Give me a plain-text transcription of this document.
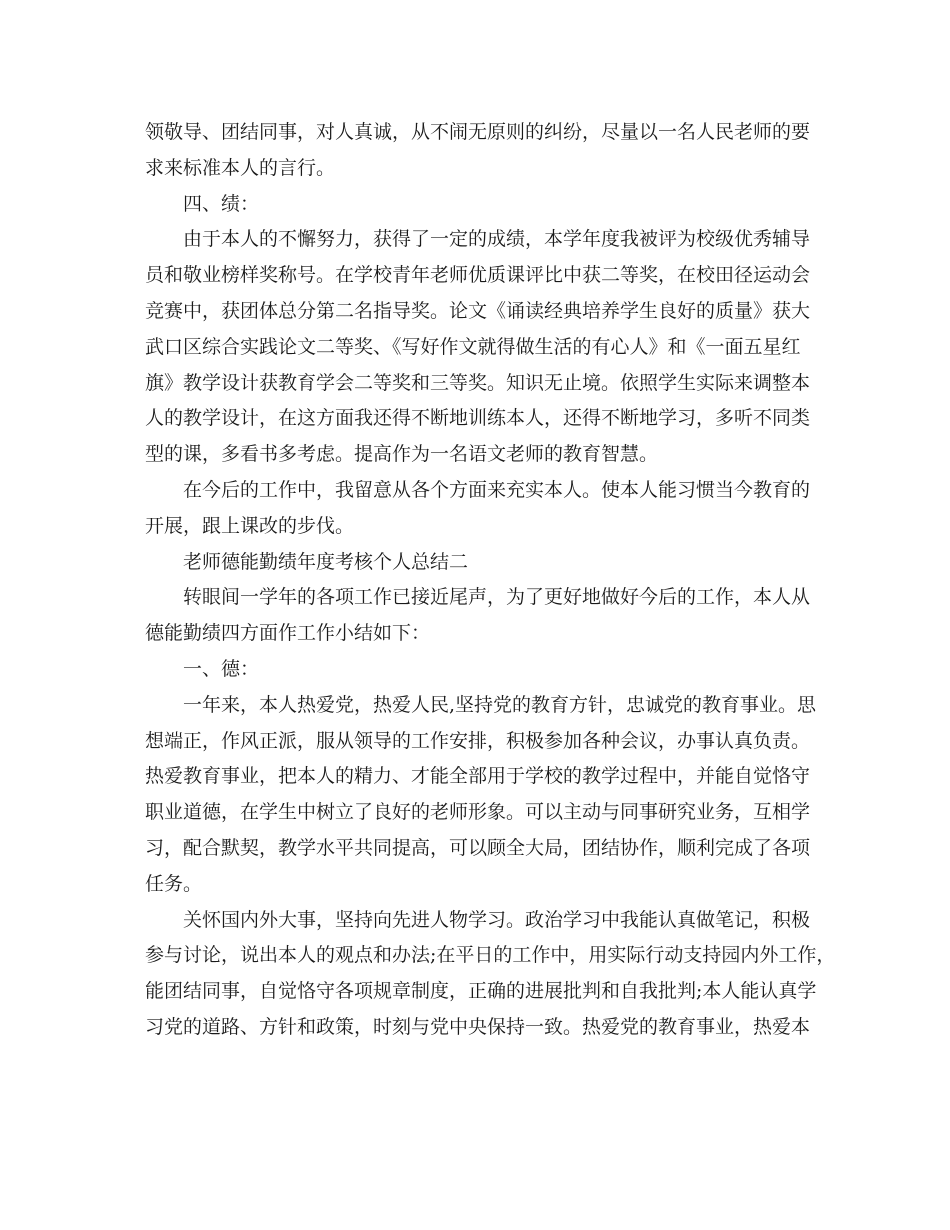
领敬导、团结同事，对人真诚，从不闹无原则的纠纷，尽量以一名人民老师的要
求来标准本人的言行。
四、绩：
由于本人的不懈努力，获得了一定的成绩，本学年度我被评为校级优秀辅导
员和敬业榜样奖称号。在学校青年老师优质课评比中获二等奖，在校田径运动会
竞赛中，获团体总分第二名指导奖。论文《诵读经典培养学生良好的质量》获大
武口区综合实践论文二等奖、《写好作文就得做生活的有心人》和《一面五星红
旗》教学设计获教育学会二等奖和三等奖。知识无止境。依照学生实际来调整本
人的教学设计，在这方面我还得不断地训练本人，还得不断地学习，多听不同类
型的课，多看书多考虑。提高作为一名语文老师的教育智慧。
在今后的工作中，我留意从各个方面来充实本人。使本人能习惯当今教育的
开展，跟上课改的步伐。
老师德能勤绩年度考核个人总结二
转眼间一学年的各项工作已接近尾声，为了更好地做好今后的工作，本人从
德能勤绩四方面作工作小结如下：
一、德：
一年来，本人热爱党，热爱人民,坚持党的教育方针，忠诚党的教育事业。思
想端正，作风正派，服从领导的工作安排，积极参加各种会议，办事认真负责。
热爱教育事业，把本人的精力、才能全部用于学校的教学过程中，并能自觉恪守
职业道德，在学生中树立了良好的老师形象。可以主动与同事研究业务，互相学
习，配合默契，教学水平共同提高，可以顾全大局，团结协作，顺利完成了各项
任务。
关怀国内外大事，坚持向先进人物学习。政治学习中我能认真做笔记，积极
参与讨论，说出本人的观点和办法;在平日的工作中，用实际行动支持园内外工作，
能团结同事，自觉恪守各项规章制度，正确的进展批判和自我批判;本人能认真学
习党的道路、方针和政策，时刻与党中央保持一致。热爱党的教育事业，热爱本
